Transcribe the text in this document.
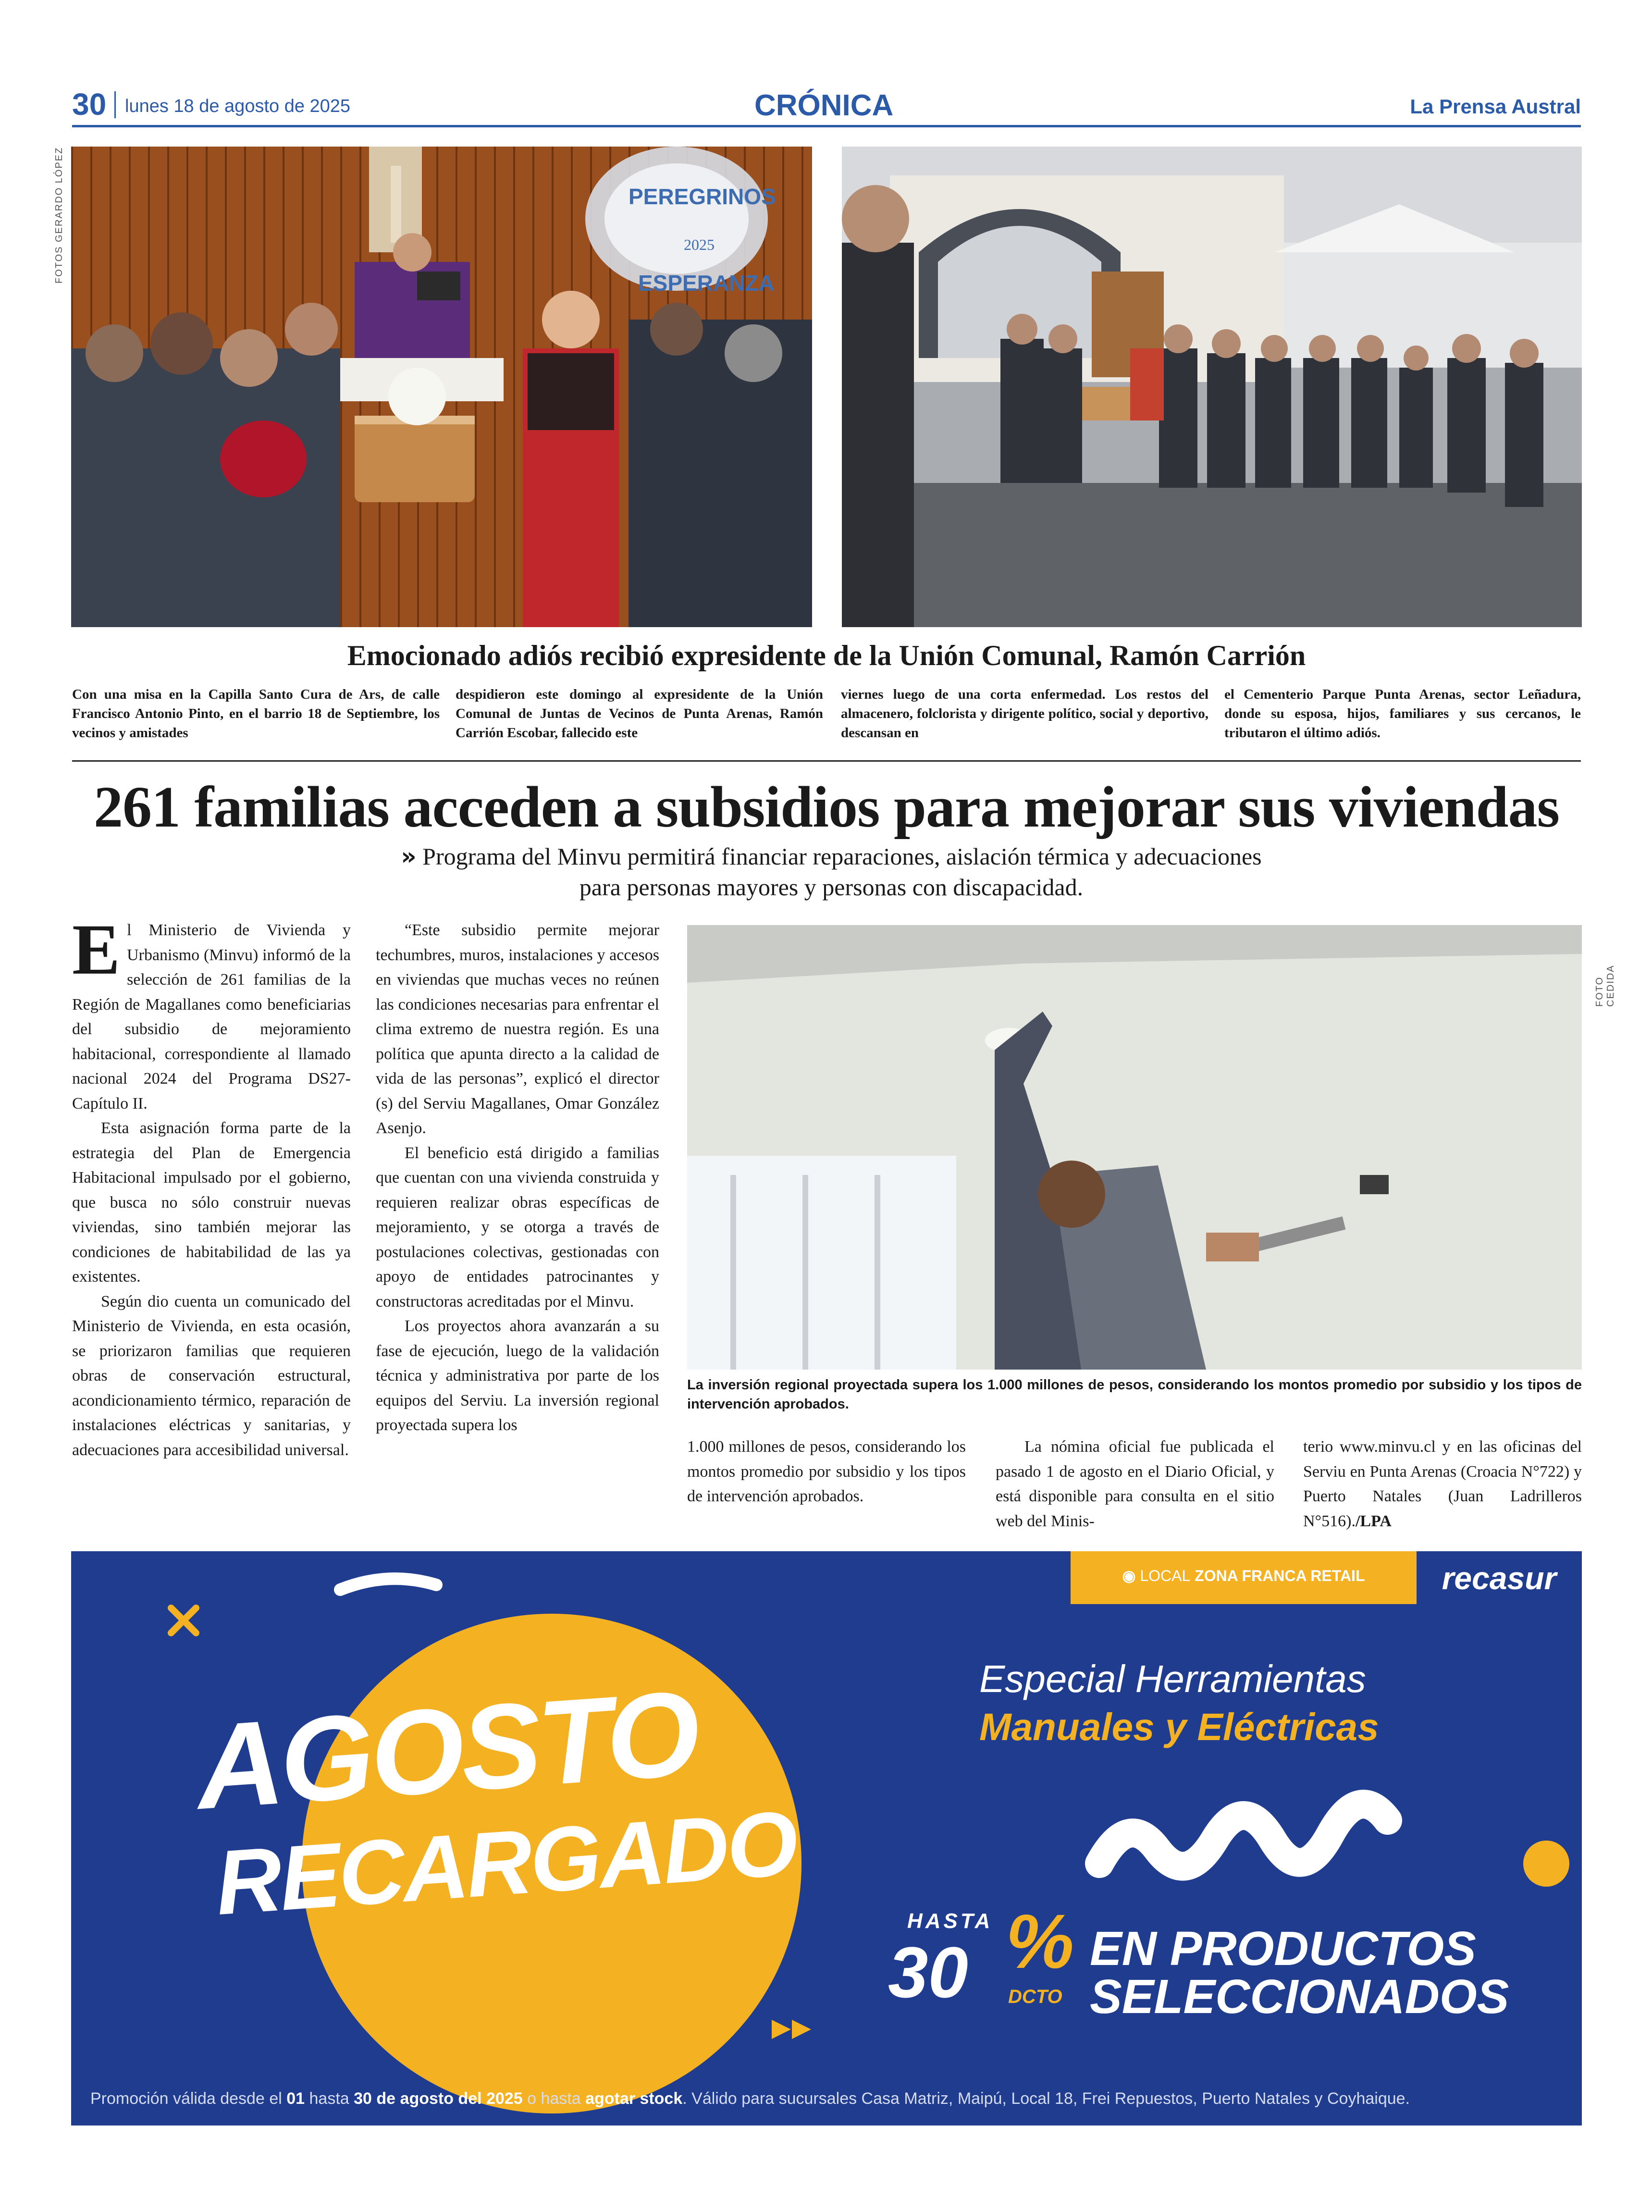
30 lunes 18 de agosto de 2025	CRÓNICA	La Prensa Austral
FOTOS GERARDO LÓPEZ	PEREGRINOS
ESPERANZA
2025
Emocionado adiós recibió expresidente de la Unión Comunal, Ramón Carrión
Con una misa en la Capilla Santo Cura de Ars, de calle Francisco Antonio Pinto, en el barrio 18 de Septiembre, los vecinos y amistades
despidieron este domingo al expresidente de la Unión Comunal de Juntas de Vecinos de Punta Arenas, Ramón Carrión Escobar, fallecido este
viernes luego de una corta enfermedad. Los restos del almacenero, folclorista y dirigente político, social y deportivo, descansan en
el Cementerio Parque Punta Arenas, sector Leñadura, donde su esposa, hijos, familiares y sus cercanos, le tributaron el último adiós.
261 familias acceden a subsidios para mejorar sus viviendas
» Programa del Minvu permitirá financiar reparaciones, aislación térmica y adecuaciones para personas mayores y personas con discapacidad.

El Ministerio de Vivienda y Urbanismo (Minvu) informó de la selección de 261 familias de la Región de Magallanes como beneficiarias del subsidio de mejoramiento habitacional, correspondiente al llamado nacional 2024 del Programa DS27-Capítulo II.

Esta asignación forma parte de la estrategia del Plan de Emergencia Habitacional impulsado por el gobierno, que busca no sólo construir nuevas viviendas, sino también mejorar las condiciones de habitabilidad de las ya existentes.

Según dio cuenta un comunicado del Ministerio de Vivienda, en esta ocasión, se priorizaron familias que requieren obras de conservación estructural, acondicionamiento térmico, reparación de instalaciones eléctricas y sanitarias, y adecuaciones para accesibilidad universal.

“Este subsidio permite mejorar techumbres, muros, instalaciones y accesos en viviendas que muchas veces no reúnen las condiciones necesarias para enfrentar el clima extremo de nuestra región. Es una política que apunta directo a la calidad de vida de las personas”, explicó el director (s) del Serviu Magallanes, Omar González Asenjo.

El beneficio está dirigido a familias que cuentan con una vivienda construida y requieren realizar obras específicas de mejoramiento, y se otorga a través de postulaciones colectivas, gestionadas con apoyo de entidades patrocinantes y constructoras acreditadas por el Minvu.

Los proyectos ahora avanzarán a su fase de ejecución, luego de la validación técnica y administrativa por parte de los equipos del Serviu. La inversión regional proyectada supera los

FOTO CEDIDA
La inversión regional proyectada supera los 1.000 millones de pesos, considerando los montos promedio por subsidio y los tipos de intervención aprobados.
1.000 millones de pesos, considerando los montos promedio por subsidio y los tipos de intervención aprobados.
La nómina oficial fue publicada el pasado 1 de agosto en el Diario Oficial, y está disponible para consulta en el sitio web del Minis-
terio www.minvu.cl y en las oficinas del Serviu en Punta Arenas (Croacia N°722) y Puerto Natales (Juan Ladrilleros N°516)./LPA
◉ LOCAL ZONA FRANCA RETAIL	recasur
AGOSTO
RECARGADO
Especial Herramientas
Manuales y Eléctricas
HASTA
30 %
DCTO
EN PRODUCTOS
SELECCIONADOS
Promoción válida desde el 01 hasta 30 de agosto del 2025 o hasta agotar stock. Válido para sucursales Casa Matriz, Maipú, Local 18, Frei Repuestos, Puerto Natales y Coyhaique.
